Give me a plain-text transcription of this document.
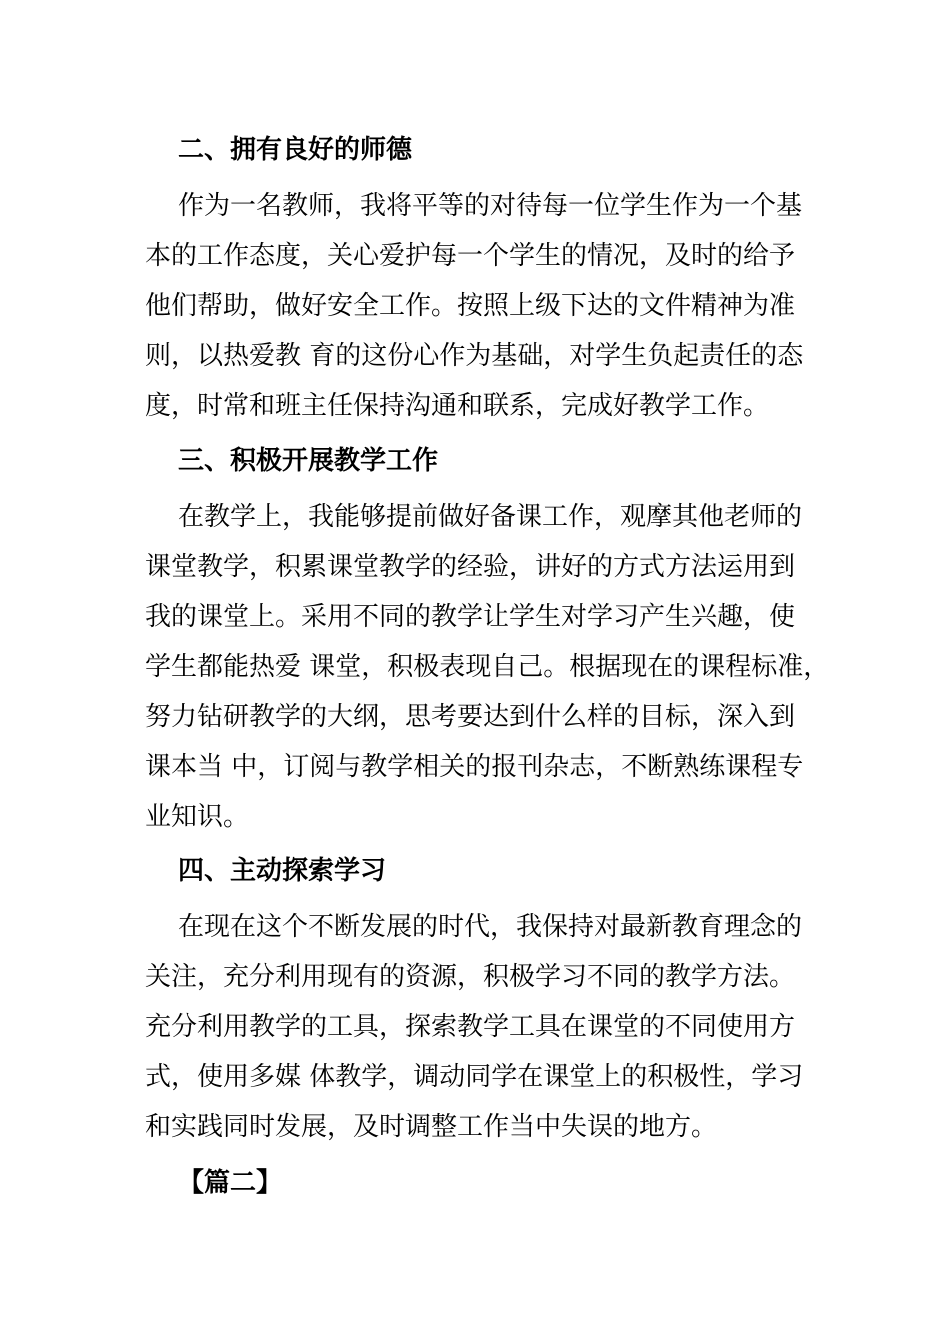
二、拥有良好的师德

作为一名教师，我将平等的对待每一位学生作为一个基
本的工作态度，关心爱护每一个学生的情况，及时的给予
他们帮助，做好安全工作。按照上级下达的文件精神为准
则，以热爱教 育的这份心作为基础，对学生负起责任的态
度，时常和班主任保持沟通和联系，完成好教学工作。

三、积极开展教学工作

在教学上，我能够提前做好备课工作，观摩其他老师的
课堂教学，积累课堂教学的经验，讲好的方式方法运用到
我的课堂上。采用不同的教学让学生对学习产生兴趣，使
学生都能热爱 课堂，积极表现自己。根据现在的课程标准，
努力钻研教学的大纲，思考要达到什么样的目标，深入到
课本当 中，订阅与教学相关的报刊杂志，不断熟练课程专
业知识。

四、主动探索学习

在现在这个不断发展的时代，我保持对最新教育理念的
关注，充分利用现有的资源，积极学习不同的教学方法。
充分利用教学的工具，探索教学工具在课堂的不同使用方
式，使用多媒 体教学，调动同学在课堂上的积极性，学习
和实践同时发展，及时调整工作当中失误的地方。

【篇二】
